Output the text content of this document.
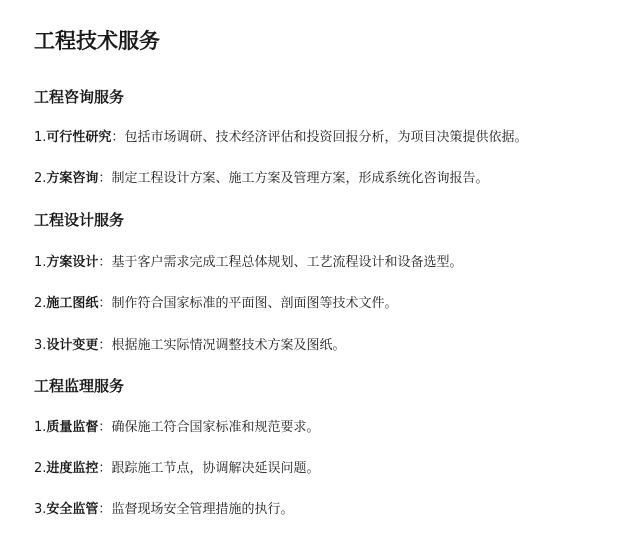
工程技术服务
工程咨询服务
1.可行性研究：包括市场调研、技术经济评估和投资回报分析，为项目决策提供依据。
2.方案咨询：制定工程设计方案、施工方案及管理方案，形成系统化咨询报告。
工程设计服务
1.方案设计：基于客户需求完成工程总体规划、工艺流程设计和设备选型。
2.施工图纸：制作符合国家标准的平面图、剖面图等技术文件。
3.设计变更：根据施工实际情况调整技术方案及图纸。
工程监理服务
1.质量监督：确保施工符合国家标准和规范要求。
2.进度监控：跟踪施工节点，协调解决延误问题。
3.安全监管：监督现场安全管理措施的执行。
